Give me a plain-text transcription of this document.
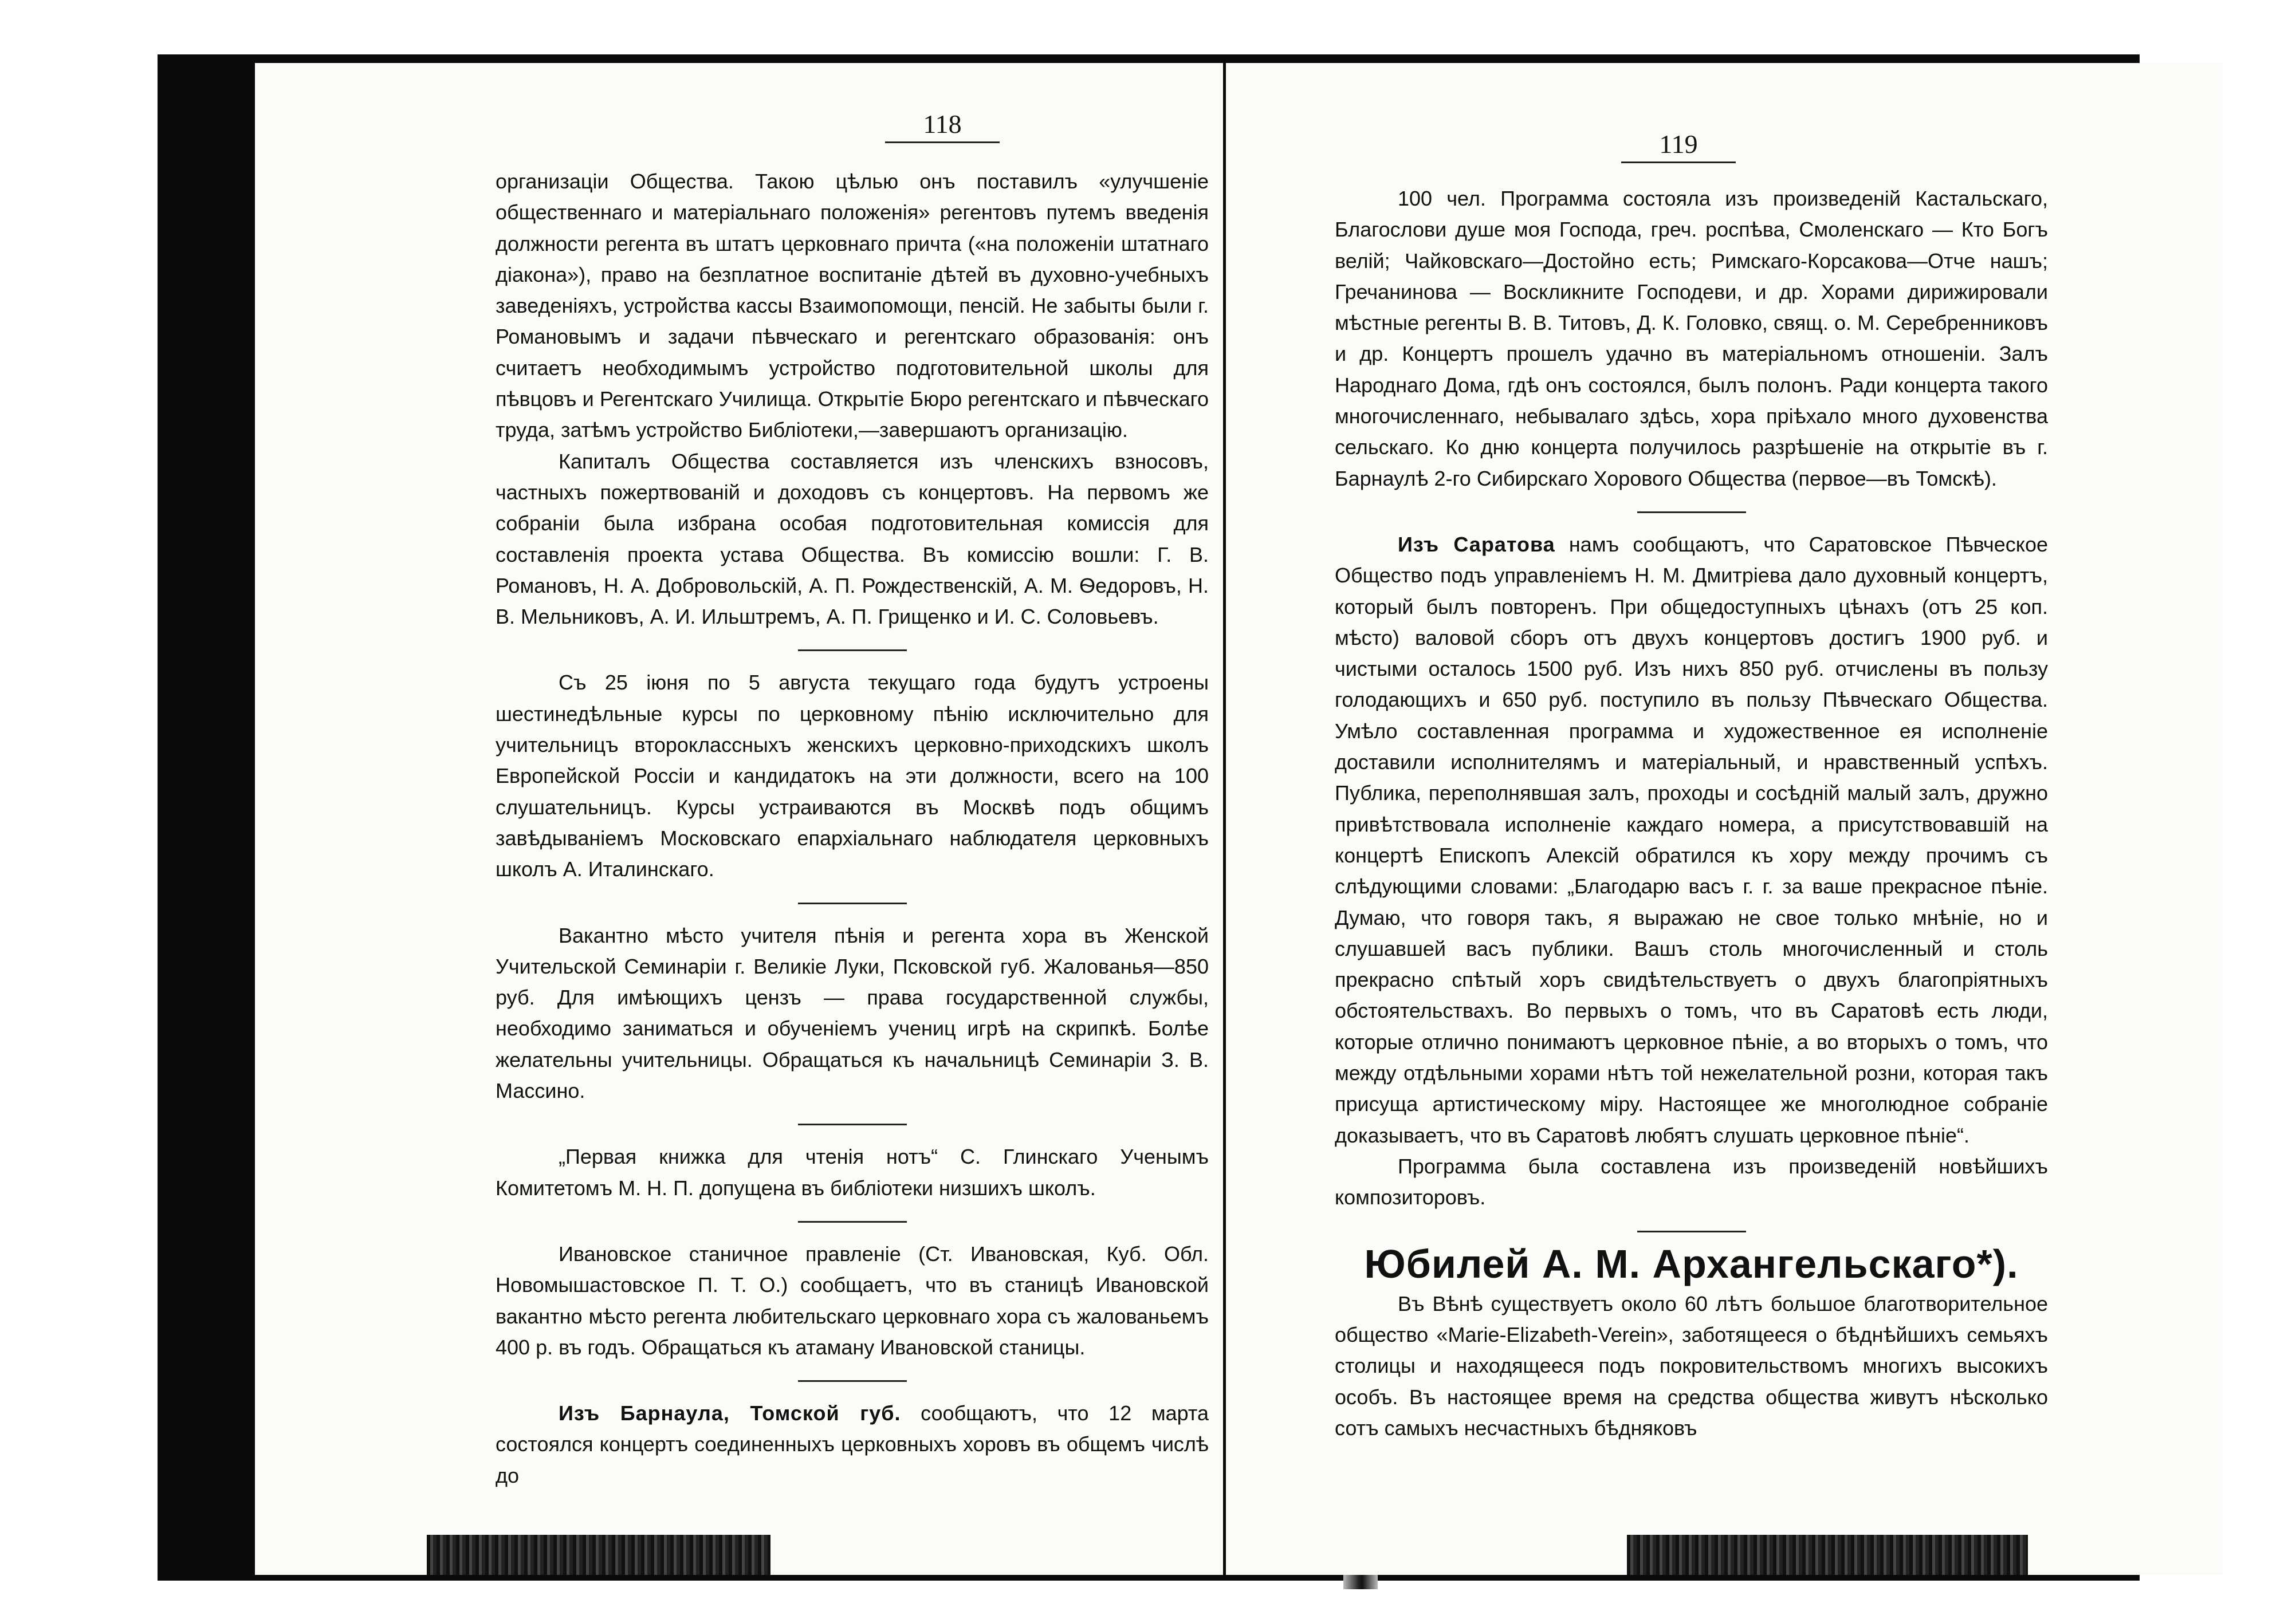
118

организаціи Общества. Такою цѣлью онъ поставилъ «улучшеніе общественнаго и матеріальнаго положенія» регентовъ путемъ введенія должности регента въ штатъ церковнаго причта («на положеніи штатнаго діакона»), право на безплатное воспитаніе дѣтей въ духовно-учебныхъ заведеніяхъ, устройства кассы Взаимопомощи, пенсій. Не забыты были г. Романовымъ и задачи пѣвческаго и регентскаго образованія: онъ считаетъ необходимымъ устройство подготовительной школы для пѣвцовъ и Регентскаго Училища. Открытіе Бюро регентскаго и пѣвческаго труда, затѣмъ устройство Библіотеки,—завершаютъ организацію.

Капиталъ Общества составляется изъ членскихъ взносовъ, частныхъ пожертвованій и доходовъ съ концертовъ. На первомъ же собраніи была избрана особая подготовительная комиссія для составленія проекта устава Общества. Въ комиссію вошли: Г. В. Романовъ, Н. А. Добровольскій, А. П. Рождественскій, А. М. Ѳедоровъ, Н. В. Мельниковъ, А. И. Ильштремъ, А. П. Грищенко и И. С. Соловьевъ.

Съ 25 іюня по 5 августа текущаго года будутъ устроены шестинедѣльные курсы по церковному пѣнію исключительно для учительницъ второклассныхъ женскихъ церковно-приходскихъ школъ Европейской Россіи и кандидатокъ на эти должности, всего на 100 слушательницъ. Курсы устраиваются въ Москвѣ подъ общимъ завѣдываніемъ Московскаго епархіальнаго наблюдателя церковныхъ школъ А. Италинскаго.

Вакантно мѣсто учителя пѣнія и регента хора въ Женской Учительской Семинаріи г. Великіе Луки, Псковской губ. Жалованья—850 руб. Для имѣющихъ цензъ — права государственной службы, необходимо заниматься и обученіемъ учениц игрѣ на скрипкѣ. Болѣе желательны учительницы. Обращаться къ начальницѣ Семинаріи З. В. Массино.

„Первая книжка для чтенія нотъ“ С. Глинскаго Ученымъ Комитетомъ М. Н. П. допущена въ библіотеки низшихъ школъ.

Ивановское станичное правленіе (Ст. Ивановская, Куб. Обл. Новомышастовское П. Т. О.) сообщаетъ, что въ станицѣ Ивановской вакантно мѣсто регента любительскаго церковнаго хора съ жалованьемъ 400 р. въ годъ. Обращаться къ атаману Ивановской станицы.

Изъ Барнаула, Томской губ. сообщаютъ, что 12 марта состоялся концертъ соединенныхъ церковныхъ хоровъ въ общемъ числѣ до

119

100 чел. Программа состояла изъ произведеній Кастальскаго, Благослови душе моя Господа, греч. роспѣва, Смоленскаго — Кто Богъ велій; Чайковскаго—Достойно есть; Римскаго-Корсакова—Отче нашъ; Гречанинова — Воскликните Господеви, и др. Хорами дирижировали мѣстные регенты В. В. Титовъ, Д. К. Головко, свящ. о. М. Серебренниковъ и др. Концертъ прошелъ удачно въ матеріальномъ отношеніи. Залъ Народнаго Дома, гдѣ онъ состоялся, былъ полонъ. Ради концерта такого многочисленнаго, небывалаго здѣсь, хора пріѣхало много духовенства сельскаго. Ко дню концерта получилось разрѣшеніе на открытіе въ г. Барнаулѣ 2-го Сибирскаго Хорового Общества (первое—въ Томскѣ).

Изъ Саратова намъ сообщаютъ, что Саратовское Пѣвческое Общество подъ управленіемъ Н. М. Дмитріева дало духовный концертъ, который былъ повторенъ. При общедоступныхъ цѣнахъ (отъ 25 коп. мѣсто) валовой сборъ отъ двухъ концертовъ достигъ 1900 руб. и чистыми осталось 1500 руб. Изъ нихъ 850 руб. отчислены въ пользу голодающихъ и 650 руб. поступило въ пользу Пѣвческаго Общества. Умѣло составленная программа и художественное ея исполненіе доставили исполнителямъ и матеріальный, и нравственный успѣхъ. Публика, переполнявшая залъ, проходы и сосѣдній малый залъ, дружно привѣтствовала исполненіе каждаго номера, а присутствовавшій на концертѣ Епископъ Алексій обратился къ хору между прочимъ съ слѣдующими словами: „Благодарю васъ г. г. за ваше прекрасное пѣніе. Думаю, что говоря такъ, я выражаю не свое только мнѣніе, но и слушавшей васъ публики. Вашъ столь многочисленный и столь прекрасно спѣтый хоръ свидѣтельствуетъ о двухъ благопріятныхъ обстоятельствахъ. Во первыхъ о томъ, что въ Саратовѣ есть люди, которые отлично понимаютъ церковное пѣніе, а во вторыхъ о томъ, что между отдѣльными хорами нѣтъ той нежелательной розни, которая такъ присуща артистическому міру. Настоящее же многолюдное собраніе доказываетъ, что въ Саратовѣ любятъ слушать церковное пѣніе“.

Программа была составлена изъ произведеній новѣйшихъ композиторовъ.

Юбилей А. М. Архангельскаго*).

Въ Вѣнѣ существуетъ около 60 лѣтъ большое благотворительное общество «Marie-Elizabeth-Verein», заботящееся о бѣднѣйшихъ семьяхъ столицы и находящееся подъ покровительствомъ многихъ высокихъ особъ. Въ настоящее время на средства общества живутъ нѣсколько сотъ самыхъ несчастныхъ бѣдняковъ
